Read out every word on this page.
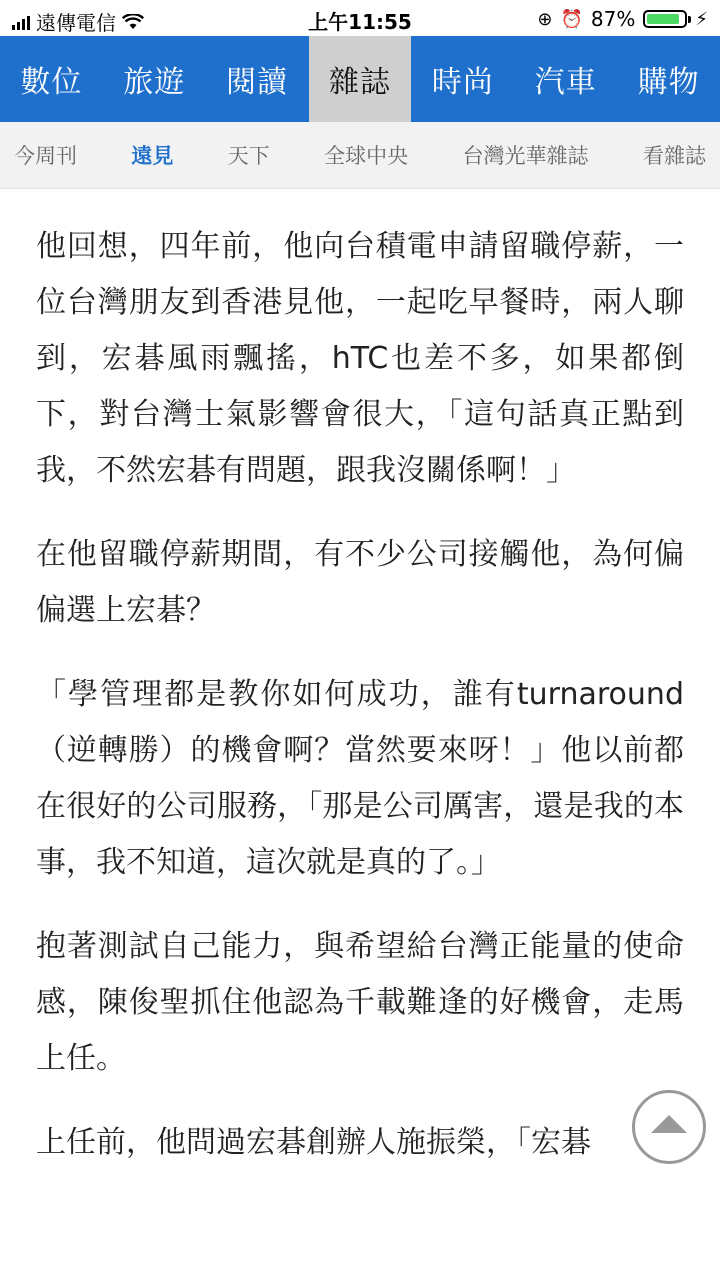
遠傳電信	上午11:55	⊕ ⏰ 87%	⚡
數位	旅遊	閱讀	雜誌	時尚	汽車	購物
今周刊	遠見	天下	全球中央	台灣光華雜誌	看雜誌

他回想，四年前，他向台積電申請留職停薪，一位台灣朋友到香港見他，一起吃早餐時，兩人聊到，宏碁風雨飄搖，hTC也差不多，如果都倒下，對台灣士氣影響會很大，「這句話真正點到我，不然宏碁有問題，跟我沒關係啊！」

在他留職停薪期間，有不少公司接觸他，為何偏偏選上宏碁？

「學管理都是教你如何成功，誰有turnaround（逆轉勝）的機會啊？當然要來呀！」他以前都在很好的公司服務，「那是公司厲害，還是我的本事，我不知道，這次就是真的了。」

抱著測試自己能力，與希望給台灣正能量的使命感，陳俊聖抓住他認為千載難逢的好機會，走馬上任。

上任前，他問過宏碁創辦人施振榮，「宏碁
